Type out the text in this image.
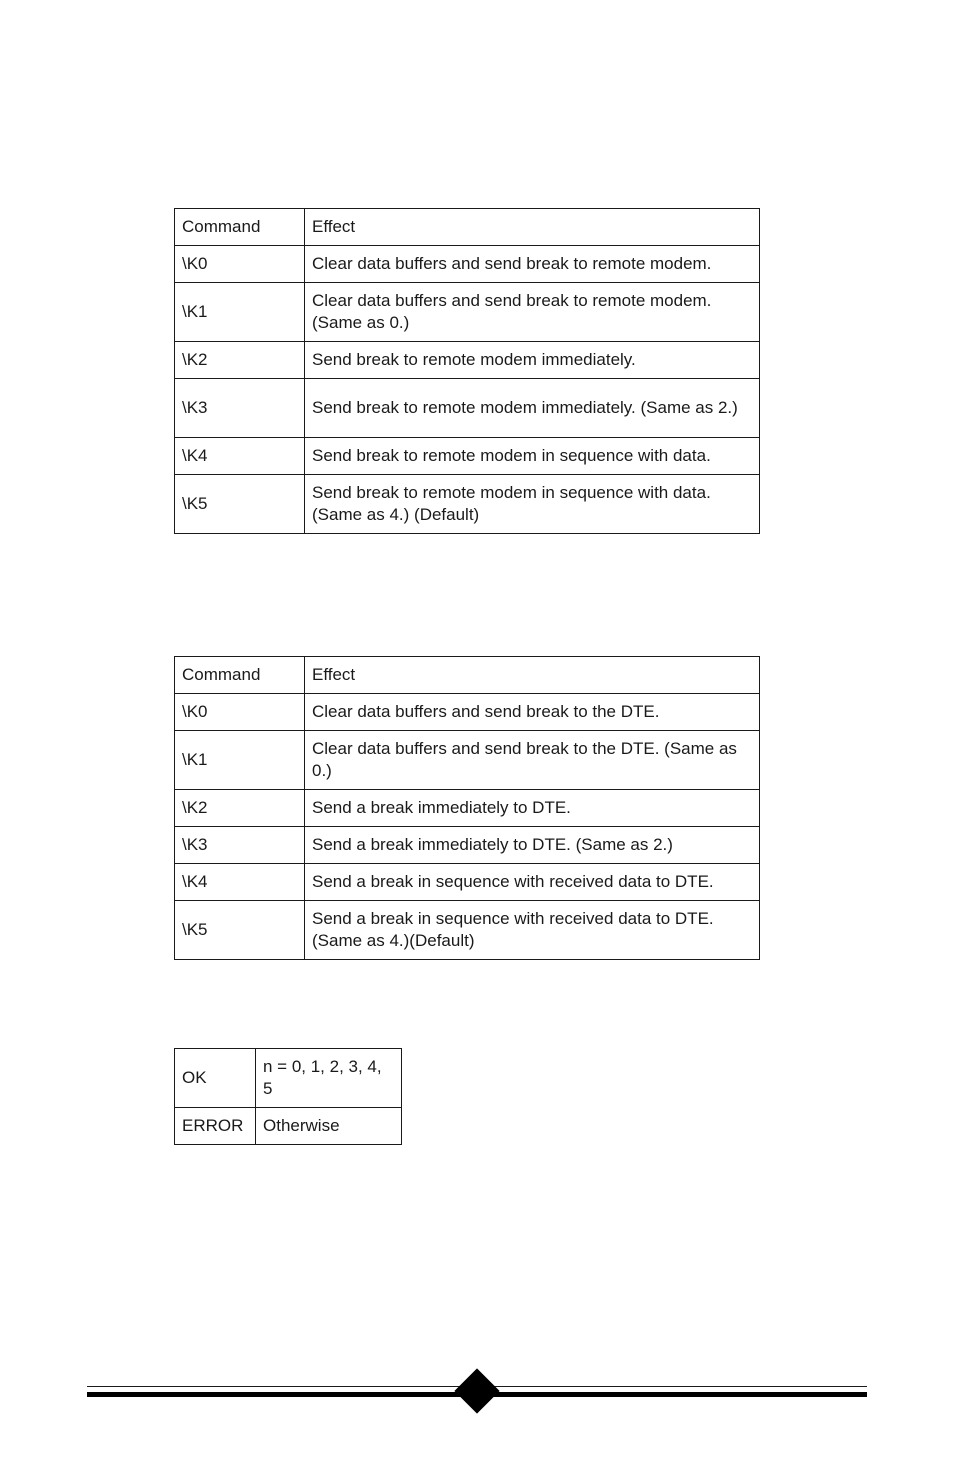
Command	Effect
\K0	Clear data buffers and send break to remote modem.
\K1	Clear data buffers and send break to remote modem. (Same as 0.)
\K2	Send break to remote modem immediately.
\K3	Send break to remote modem immediately. (Same as 2.)
\K4	Send break to remote modem in sequence with data.
\K5	Send break to remote modem in sequence with data. (Same as 4.) (Default)
Command	Effect
\K0	Clear data buffers and send break to the DTE.
\K1	Clear data buffers and send break to the DTE. (Same as 0.)
\K2	Send a break immediately to DTE.
\K3	Send a break immediately to DTE. (Same as 2.)
\K4	Send a break in sequence with received data to DTE.
\K5	Send a break in sequence with received data to DTE. (Same as 4.)(Default)
OK	n = 0, 1, 2, 3, 4, 5
ERROR	Otherwise
